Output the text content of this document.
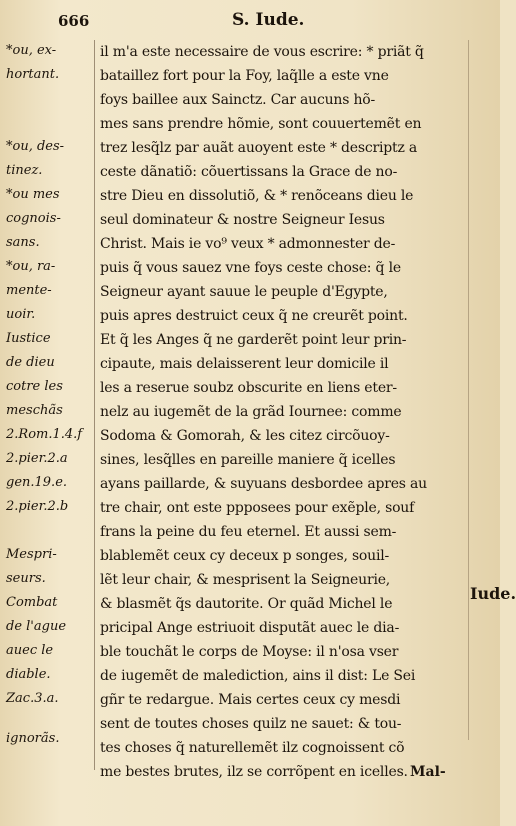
666	S. Iude.
*ou, ex-
hortant.
*ou, des-
tinez.
*ou mes
cognois-
sans.
*ou, ra-
mente-
uoir.
Iustice
de dieu
cotre les
meschãs
2.Rom.1.4.f
2.pier.2.a
gen.19.e.
2.pier.2.b
Mespri-
seurs.
Combat
de l'ague
auec le
diable.
Zac.3.a.
ignorãs.
il m'a este necessaire de vous escrire: * priãt q̃
bataillez fort pour la Foy, laq̃lle a este vne
foys baillee aux Sainctz. Car aucuns hõ-
mes sans prendre hõmie, sont couuertemẽt en
trez lesq̃lz par auãt auoyent este * descriptz a
ceste dãnatiõ: cõuertissans la Grace de no-
stre Dieu en dissolutiõ, & * renõceans dieu le
seul dominateur & nostre Seigneur Iesus
Christ. Mais ie vo⁹ veux * admonnester de-
puis q̃ vous sauez vne foys ceste chose: q̃ le
Seigneur ayant sauue le peuple d'Egypte,
puis apres destruict ceux q̃ ne creurẽt point.
Et q̃ les Anges q̃ ne garderẽt point leur prin-
cipaute, mais delaisserent leur domicile il
les a reserue soubz obscurite en liens eter-
nelz au iugemẽt de la grãd Iournee: comme
Sodoma & Gomorah, & les citez circõuoy-
sines, lesq̃lles en pareille maniere q̃ icelles
ayans paillarde, & suyuans desbordee apres au
tre chair, ont este ppposees pour exẽple, souf
frans la peine du feu eternel. Et aussi sem-
blablemẽt ceux cy deceux p songes, souil-
lẽt leur chair, & mesprisent la Seigneurie,
& blasmẽt q̃s dautorite. Or quãd Michel le
pricipal Ange estriuoit disputãt auec le dia-
ble touchãt le corps de Moyse: il n'osa vser
de iugemẽt de malediction, ains il dist: Le Sei
gñr te redargue. Mais certes ceux cy mesdi
sent de toutes choses quilz ne sauet: & tou-
tes choses q̃ naturellemẽt ilz cognoissent cõ
me bestes brutes, ilz se corrõpent en icelles.
Iude.
Mal-
